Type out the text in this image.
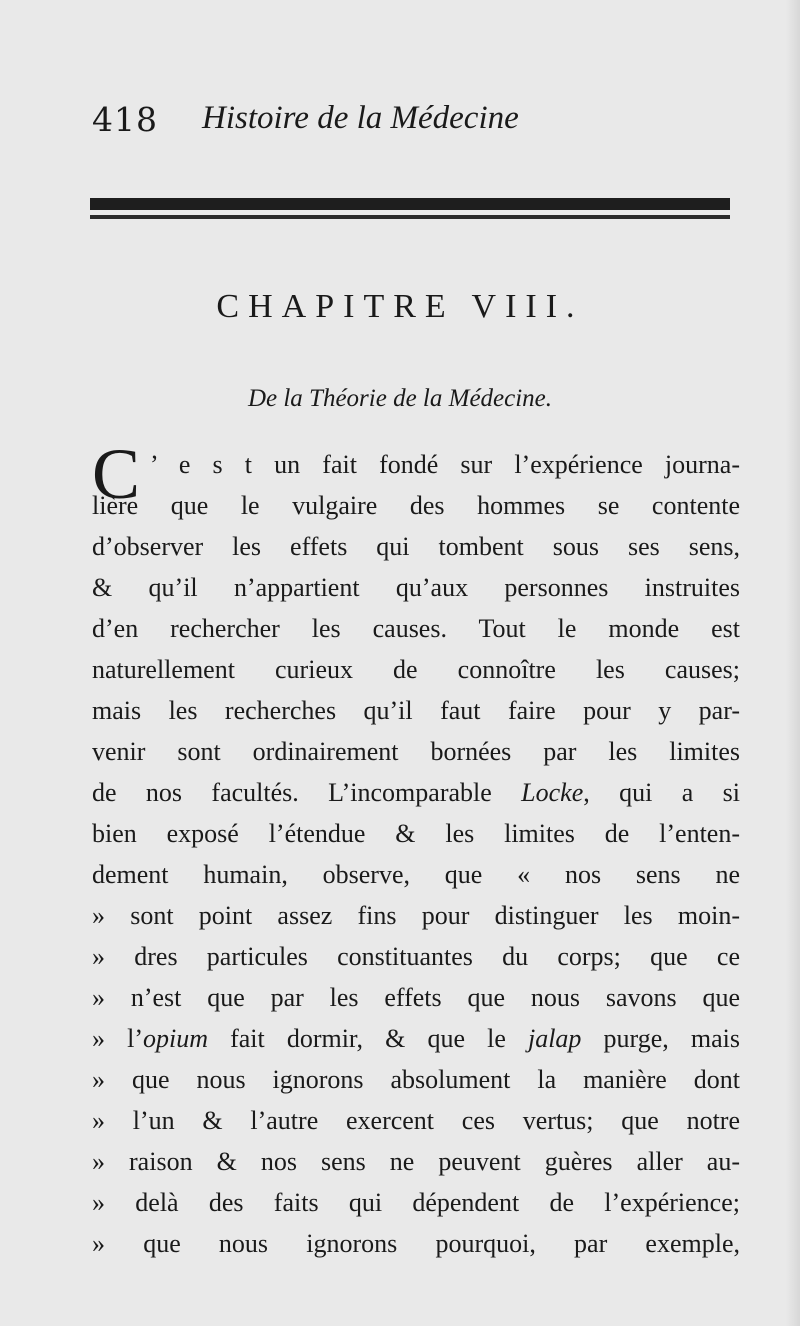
418 Histoire de la Médecine
CHAPITRE VIII.
De la Théorie de la Médecine.
C ’ e s t un fait fondé sur l’expérience journa-
lière que le vulgaire des hommes se contente
d’observer les effets qui tombent sous ses sens,
& qu’il n’appartient qu’aux personnes instruites
d’en rechercher les causes. Tout le monde est
naturellement curieux de connoître les causes;
mais les recherches qu’il faut faire pour y par-
venir sont ordinairement bornées par les limites
de nos facultés. L’incomparable Locke, qui a si
bien exposé l’étendue & les limites de l’enten-
dement humain, observe, que « nos sens ne
» sont point assez fins pour distinguer les moin-
» dres particules constituantes du corps; que ce
» n’est que par les effets que nous savons que
» l’opium fait dormir, & que le jalap purge, mais
» que nous ignorons absolument la manière dont
» l’un & l’autre exercent ces vertus; que notre
» raison & nos sens ne peuvent guères aller au-
» delà des faits qui dépendent de l’expérience;
» que nous ignorons pourquoi, par exemple,
